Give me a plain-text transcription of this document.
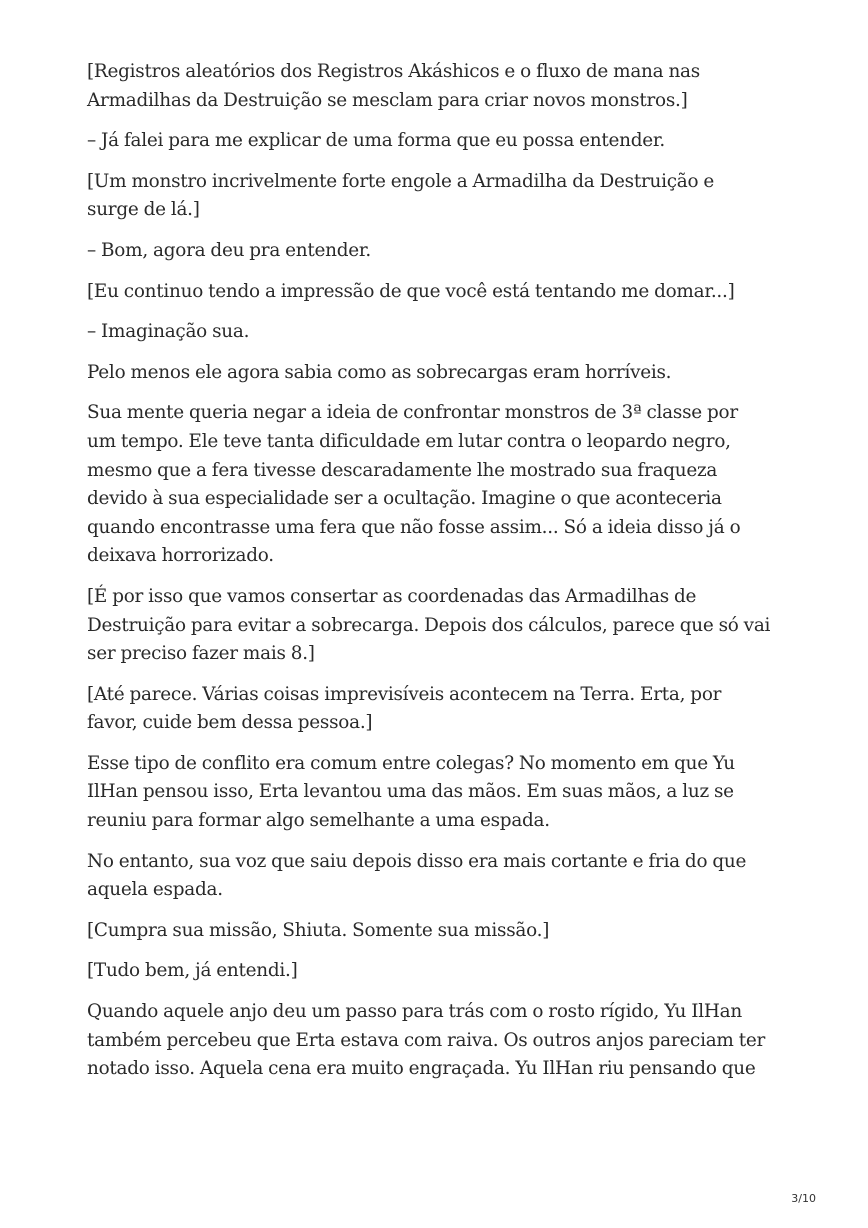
[Registros aleatórios dos Registros Akáshicos e o fluxo de mana nas
Armadilhas da Destruição se mesclam para criar novos monstros.]

– Já falei para me explicar de uma forma que eu possa entender.

[Um monstro incrivelmente forte engole a Armadilha da Destruição e
surge de lá.]

– Bom, agora deu pra entender.

[Eu continuo tendo a impressão de que você está tentando me domar...]

– Imaginação sua.

Pelo menos ele agora sabia como as sobrecargas eram horríveis.

Sua mente queria negar a ideia de confrontar monstros de 3ª classe por
um tempo. Ele teve tanta dificuldade em lutar contra o leopardo negro,
mesmo que a fera tivesse descaradamente lhe mostrado sua fraqueza
devido à sua especialidade ser a ocultação. Imagine o que aconteceria
quando encontrasse uma fera que não fosse assim... Só a ideia disso já o
deixava horrorizado.

[É por isso que vamos consertar as coordenadas das Armadilhas de
Destruição para evitar a sobrecarga. Depois dos cálculos, parece que só vai
ser preciso fazer mais 8.]

[Até parece. Várias coisas imprevisíveis acontecem na Terra. Erta, por
favor, cuide bem dessa pessoa.]

Esse tipo de conflito era comum entre colegas? No momento em que Yu
IlHan pensou isso, Erta levantou uma das mãos. Em suas mãos, a luz se
reuniu para formar algo semelhante a uma espada.

No entanto, sua voz que saiu depois disso era mais cortante e fria do que
aquela espada.

[Cumpra sua missão, Shiuta. Somente sua missão.]

[Tudo bem, já entendi.]

Quando aquele anjo deu um passo para trás com o rosto rígido, Yu IlHan
também percebeu que Erta estava com raiva. Os outros anjos pareciam ter
notado isso. Aquela cena era muito engraçada. Yu IlHan riu pensando que

3/10
